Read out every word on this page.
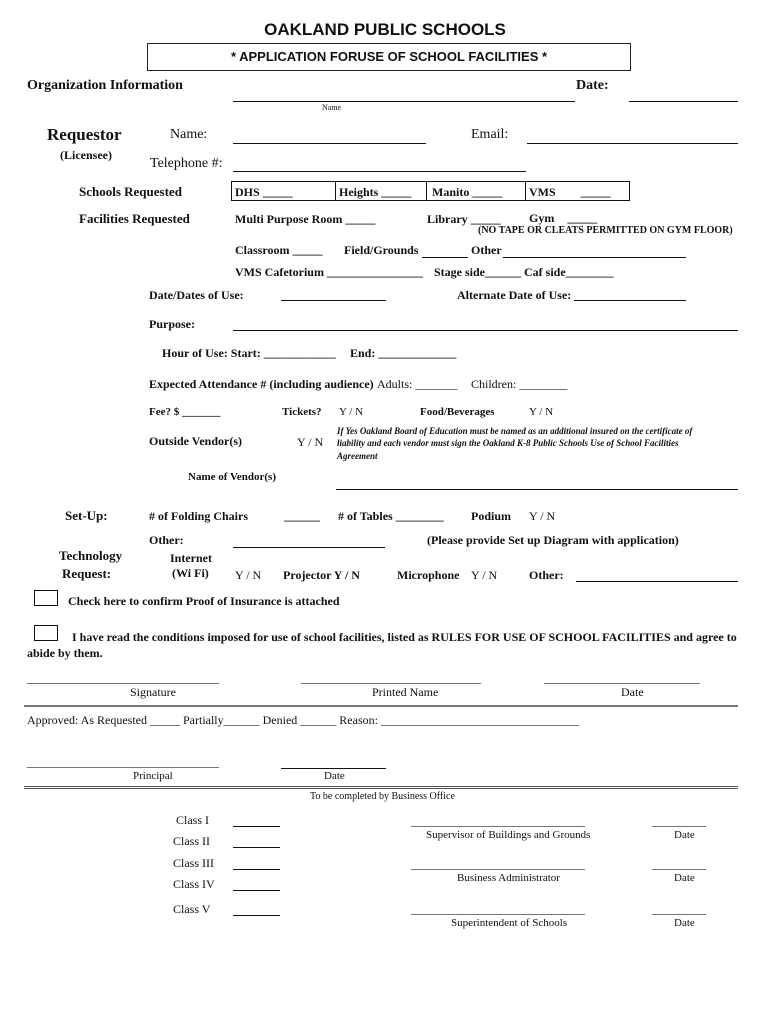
OAKLAND PUBLIC SCHOOLS
* APPLICATION FORUSE OF SCHOOL FACILITIES *
Organization Information	Date:
Name
Requestor
(Licensee)
Name:	Email:
Telephone #:
Schools Requested	DHS _____	Heights _____ Manito _____ VMS _____
Facilities Requested	Multi Purpose Room _____	Library _____ Gym _____
(NO TAPE OR CLEATS PERMITTED ON GYM FLOOR)
Classroom _____ Field/Grounds	Other
VMS Cafetorium ________________ Stage side______ Caf side________
Date/Dates of Use:	Alternate Date of Use:
Purpose:
Hour of Use: Start: ____________ End: _____________
Expected Attendance # (including audience) Adults: _______ Children: ________
Fee? $ _______	Tickets? Y / N	Food/Beverages	Y / N
Outside Vendor(s)	Y / N
If Yes Oakland Board of Education must be named as an additional insured on the certificate of
liability and each vendor must sign the Oakland K-8 Public Schools Use of School Facilities
Agreement
Name of Vendor(s)
Set-Up:	# of Folding Chairs	______ # of Tables ________ Podium Y / N
Other:	(Please provide Set up Diagram with application)
Technology
Request:
Internet
(Wi Fi) Y / N Projector Y / N	Microphone Y / N	Other:
Check here to confirm Proof of Insurance is attached
I have read the conditions imposed for use of school facilities, listed as RULES FOR USE OF SCHOOL FACILITIES and agree to
abide by them.
________________________________	______________________________	__________________________
Signature	Printed Name	Date
Approved: As Requested _____ Partially______ Denied ______ Reason: _________________________________
________________________________
Principal	Date
To be completed by Business Office
Class I
Class II
Class III
Class IV
Class V
_____________________________	_________
Supervisor of Buildings and Grounds	Date
_____________________________	_________
Business Administrator	Date
_____________________________	_________
Superintendent of Schools	Date
